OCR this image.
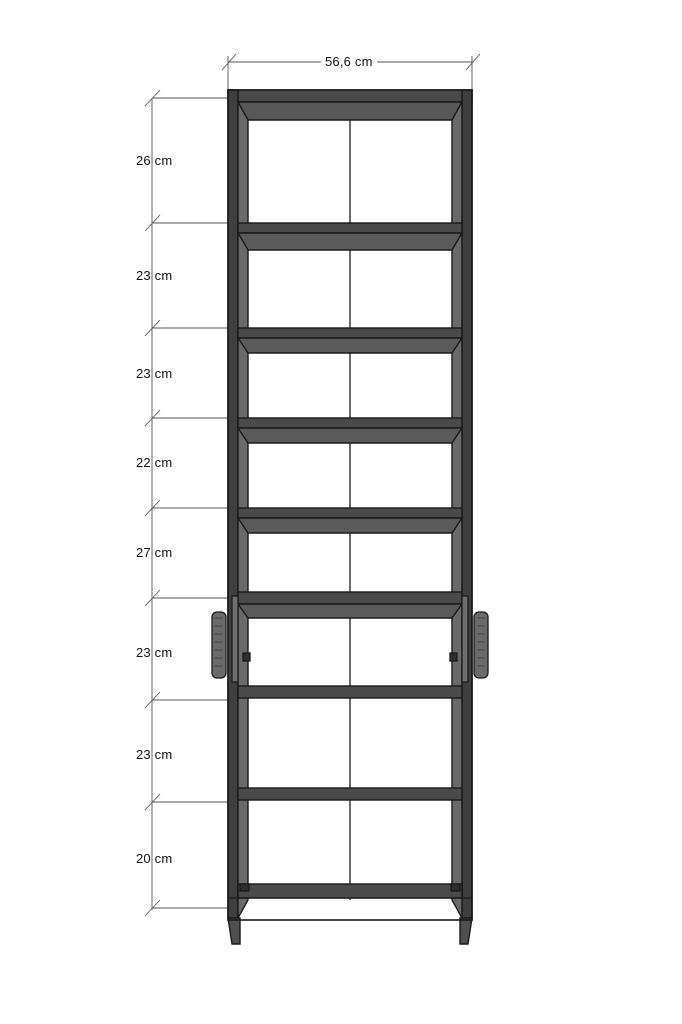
56,6 cm
26 cm
23 cm
23 cm
22 cm
27 cm
23 cm
23 cm
20 cm
